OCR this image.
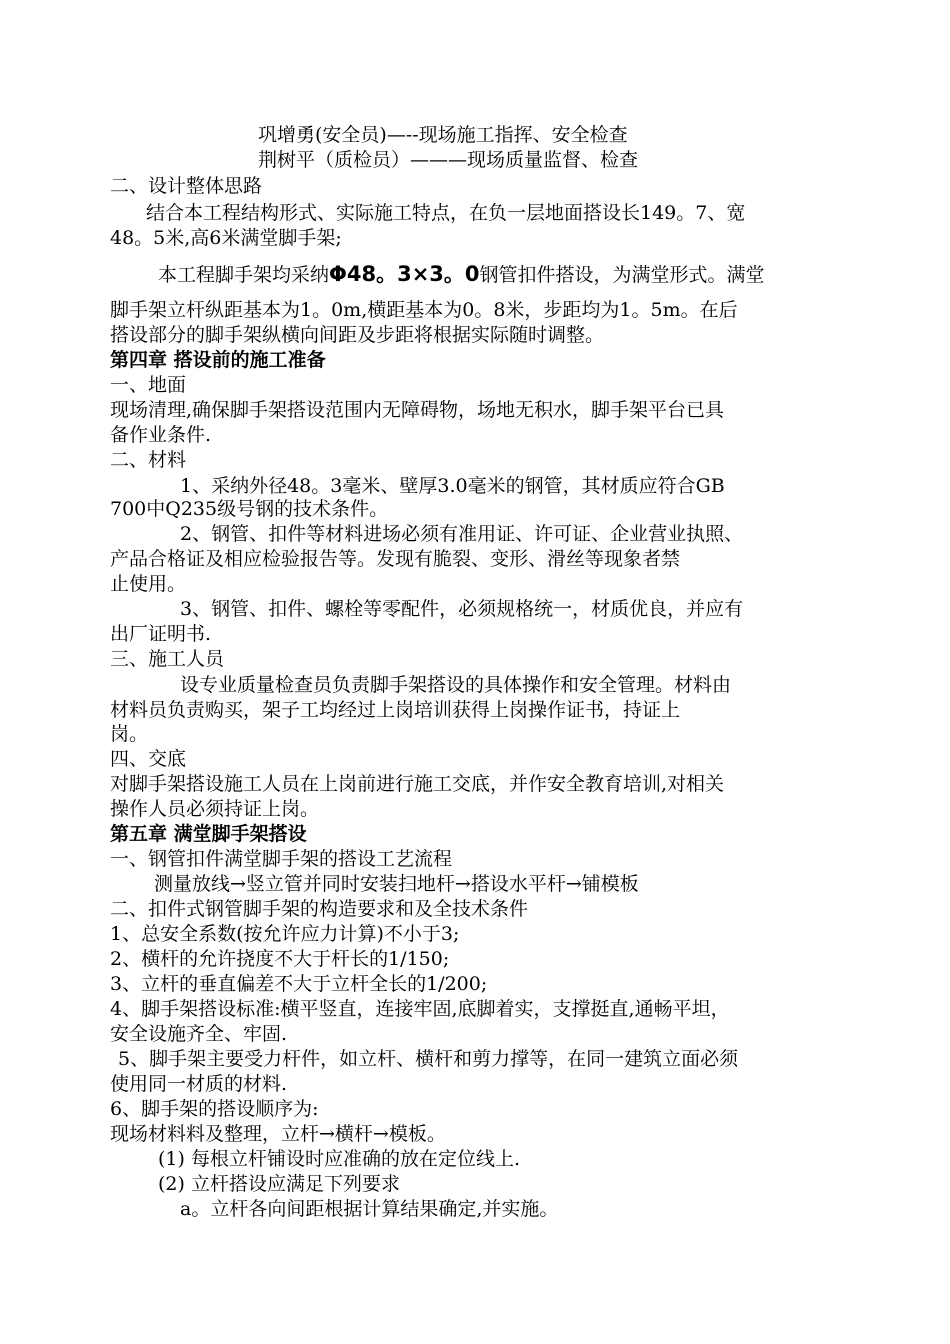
巩增勇(安全员)—--现场施工指挥、安全检查
荆树平（质检员）———现场质量监督、检查
二、设计整体思路
结合本工程结构形式、实际施工特点，在负一层地面搭设长149。7、宽
48。5米,高6米满堂脚手架;
本工程脚手架均采纳Φ48。3×3。0钢管扣件搭设，为满堂形式。满堂
脚手架立杆纵距基本为1。0m,横距基本为0。8米，步距均为1。5m。在后
搭设部分的脚手架纵横向间距及步距将根据实际随时调整。
第四章 搭设前的施工准备
一、地面
现场清理,确保脚手架搭设范围内无障碍物，场地无积水，脚手架平台已具
备作业条件.
二、材料
1、采纳外径48。3毫米、壁厚3.0毫米的钢管，其材质应符合GB
700中Q235级号钢的技术条件。
2、钢管、扣件等材料进场必须有准用证、许可证、企业营业执照、
产品合格证及相应检验报告等。发现有脆裂、变形、滑丝等现象者禁
止使用。
3、钢管、扣件、螺栓等零配件，必须规格统一，材质优良，并应有
出厂证明书.
三、施工人员
设专业质量检查员负责脚手架搭设的具体操作和安全管理。材料由
材料员负责购买，架子工均经过上岗培训获得上岗操作证书，持证上
岗。
四、交底
对脚手架搭设施工人员在上岗前进行施工交底，并作安全教育培训,对相关
操作人员必须持证上岗。
第五章 满堂脚手架搭设
一、钢管扣件满堂脚手架的搭设工艺流程
测量放线→竖立管并同时安装扫地杆→搭设水平杆→铺模板
二、扣件式钢管脚手架的构造要求和及全技术条件
1、总安全系数(按允许应力计算)不小于3;
2、横杆的允许挠度不大于杆长的1/150;
3、立杆的垂直偏差不大于立杆全长的1/200;
4、脚手架搭设标准:横平竖直，连接牢固,底脚着实，支撑挺直,通畅平坦，
安全设施齐全、牢固.
5、脚手架主要受力杆件，如立杆、横杆和剪力撑等，在同一建筑立面必须
使用同一材质的材料.
6、脚手架的搭设顺序为:
现场材料料及整理，立杆→横杆→模板。
(1) 每根立杆铺设时应准确的放在定位线上.
(2) 立杆搭设应满足下列要求
a。立杆各向间距根据计算结果确定,并实施。
